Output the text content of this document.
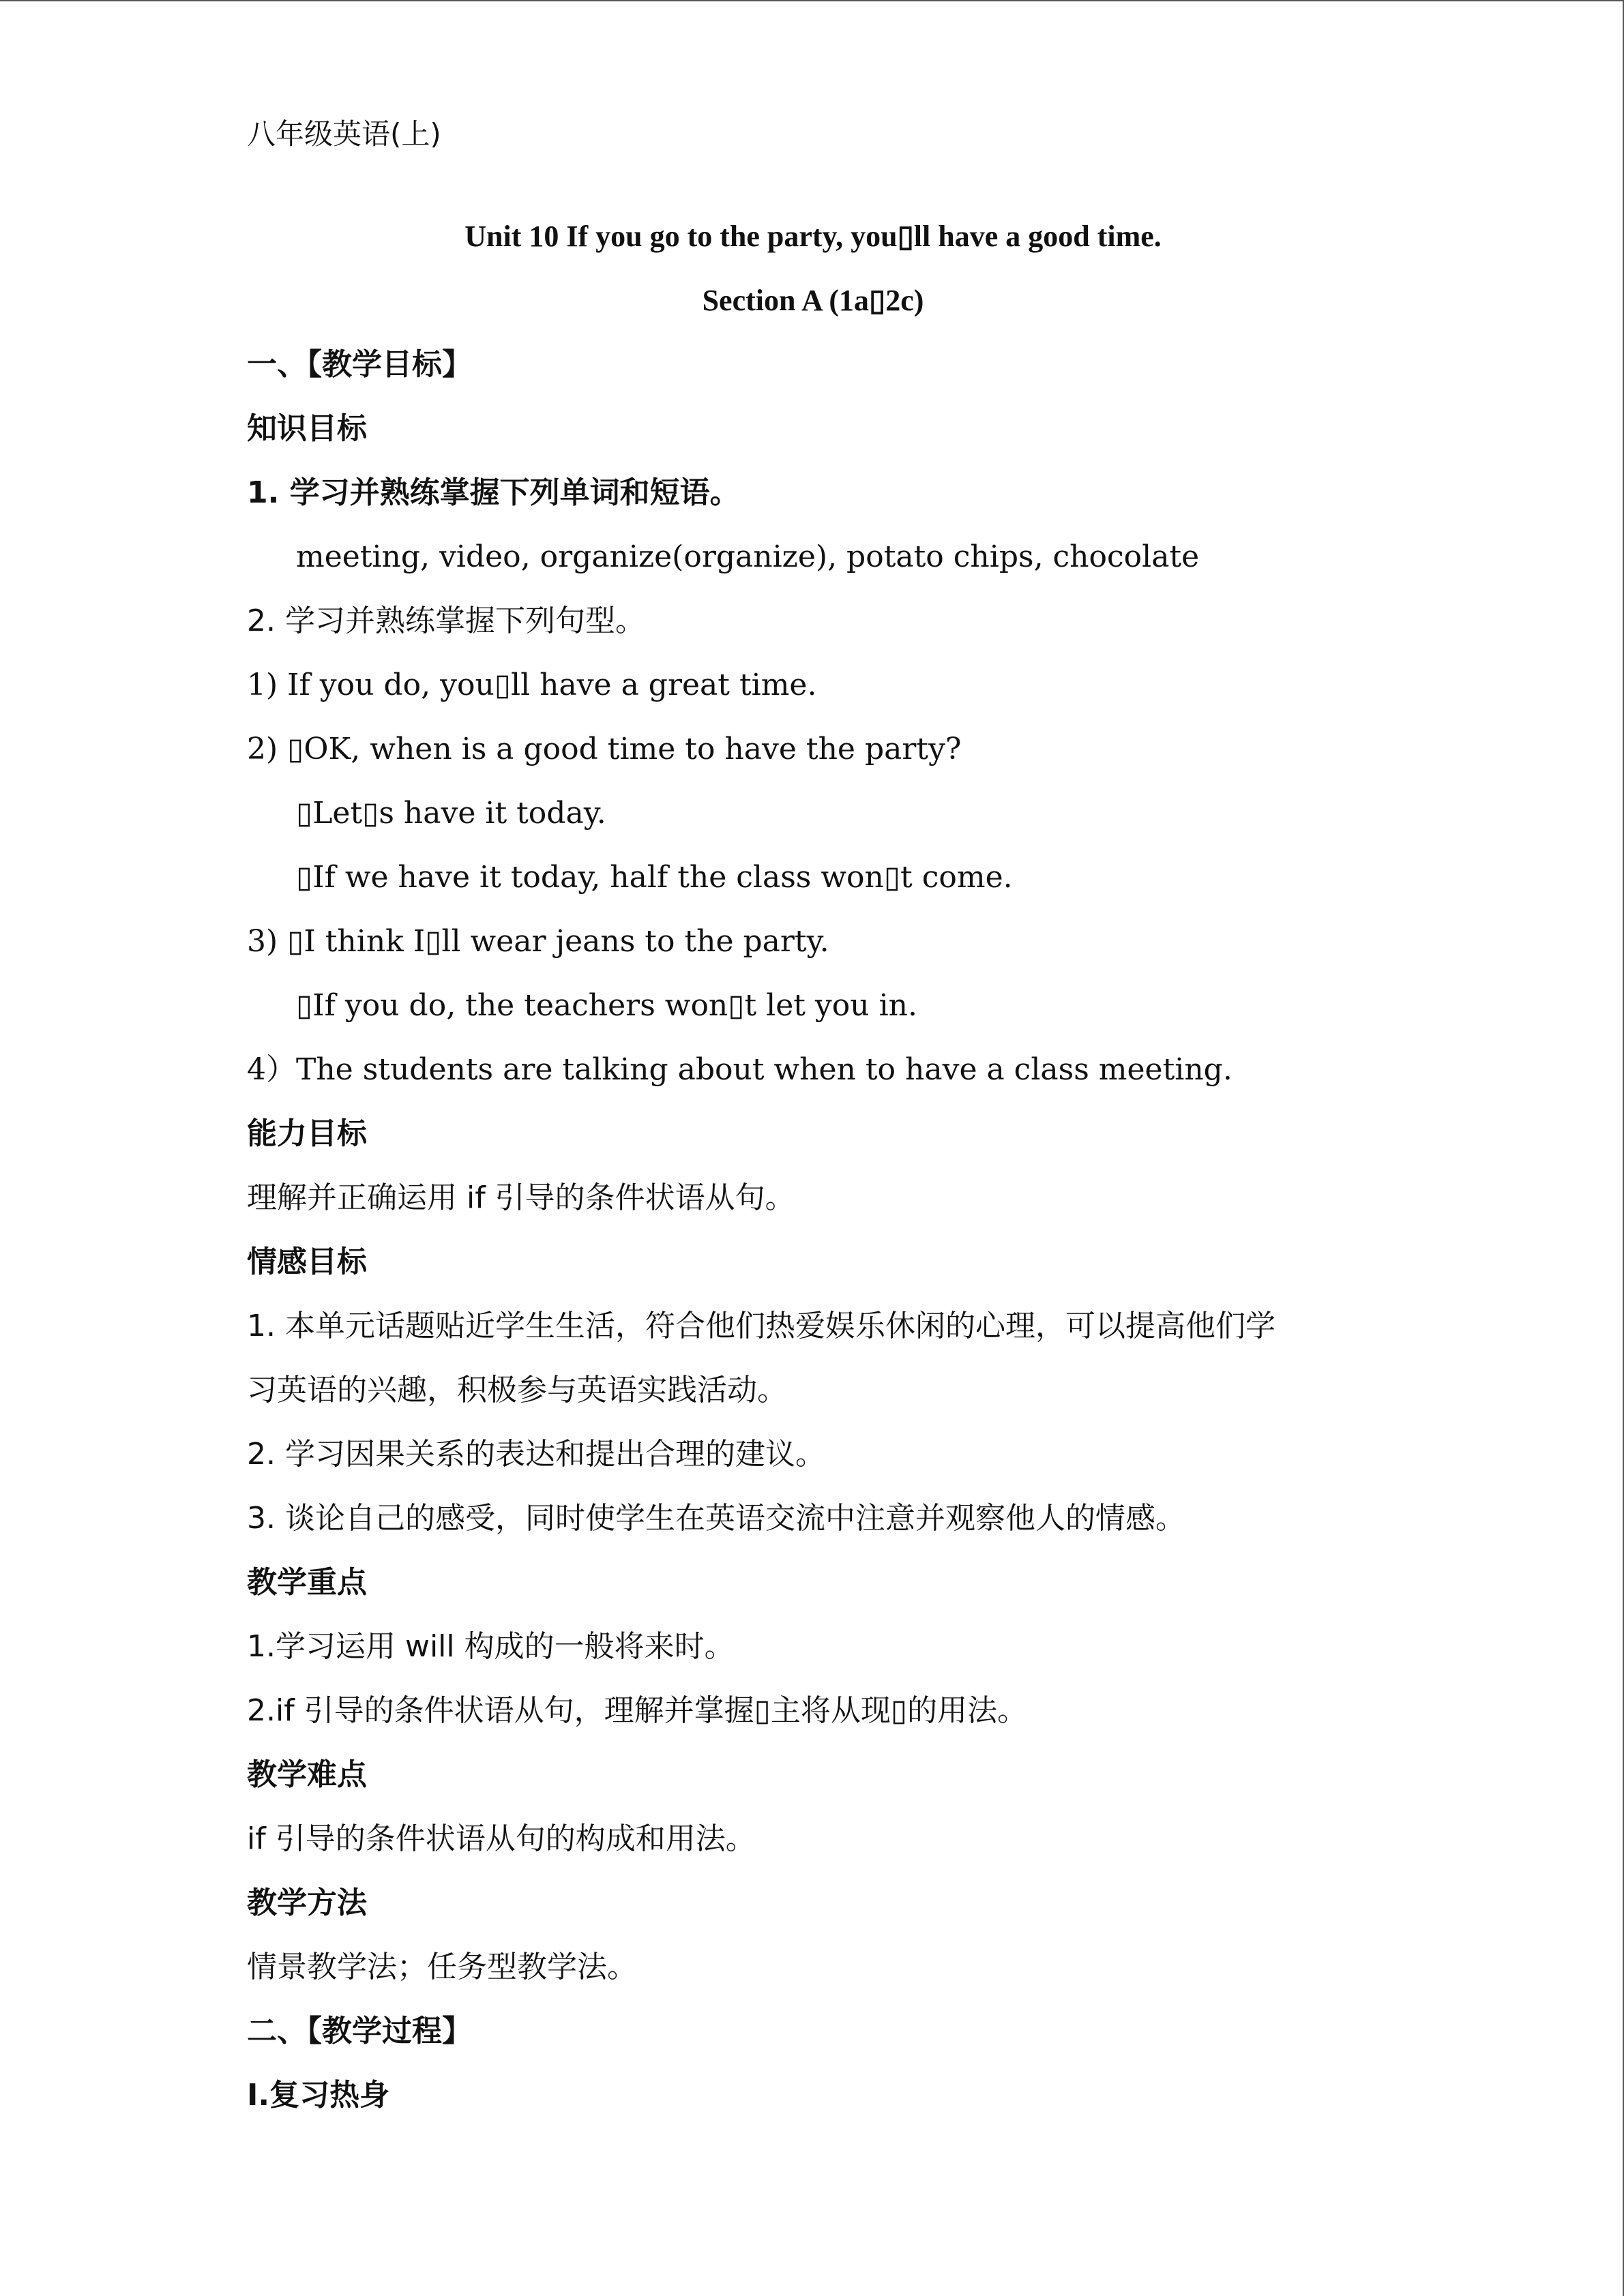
八年级英语(上)
Unit 10 If you go to the party, you▯ll have a good time.
Section A (1a▯2c)
一、【教学目标】
知识目标
1. 学习并熟练掌握下列单词和短语。
meeting, video, organize(organize), potato chips, chocolate
2. 学习并熟练掌握下列句型。
1) If you do, you▯ll have a great time.
2) ▯OK, when is a good time to have the party?
▯Let▯s have it today.
▯If we have it today, half the class won▯t come.
3) ▯I think I▯ll wear jeans to the party.
▯If you do, the teachers won▯t let you in.
4）The students are talking about when to have a class meeting.
能力目标
理解并正确运用 if 引导的条件状语从句。
情感目标
1. 本单元话题贴近学生生活，符合他们热爱娱乐休闲的心理，可以提高他们学
习英语的兴趣，积极参与英语实践活动。
2. 学习因果关系的表达和提出合理的建议。
3. 谈论自己的感受，同时使学生在英语交流中注意并观察他人的情感。
教学重点
1.学习运用 will 构成的一般将来时。
2.if 引导的条件状语从句，理解并掌握▯主将从现▯的用法。
教学难点
if 引导的条件状语从句的构成和用法。
教学方法
情景教学法；任务型教学法。
二、【教学过程】
Ⅰ.复习热身
